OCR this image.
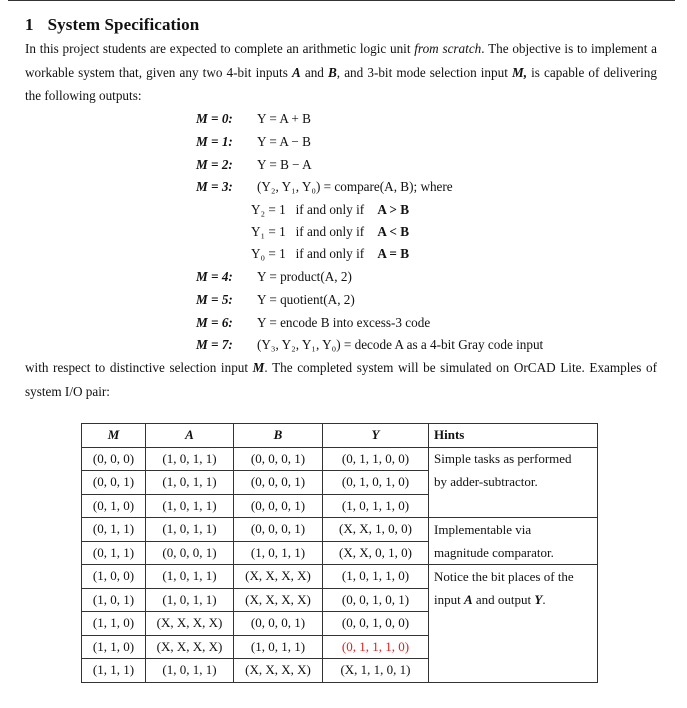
1 System Specification
In this project students are expected to complete an arithmetic logic unit from scratch. The objective is to implement a workable system that, given any two 4-bit inputs A and B, and 3-bit mode selection input M, is capable of delivering the following outputs:
M = 0: Y = A + B
M = 1: Y = A − B
M = 2: Y = B − A
M = 3: (Y₂, Y₁, Y₀) = compare(A, B); where
Y₂ = 1 if and only if A > B
Y₁ = 1 if and only if A < B
Y₀ = 1 if and only if A = B
M = 4: Y = product(A, 2)
M = 5: Y = quotient(A, 2)
M = 6: Y = encode B into excess-3 code
M = 7: (Y₃, Y₂, Y₁, Y₀) = decode A as a 4-bit Gray code input
with respect to distinctive selection input M. The completed system will be simulated on OrCAD Lite. Examples of system I/O pair:
M	A	B	Y	Hints
(0, 0, 0)	(1, 0, 1, 1)	(0, 0, 0, 1)	(0, 1, 1, 0, 0)	Simple tasks as performed
(0, 0, 1)	(1, 0, 1, 1)	(0, 0, 0, 1)	(0, 1, 0, 1, 0)	by adder-subtractor.
(0, 1, 0)	(1, 0, 1, 1)	(0, 0, 0, 1)	(1, 0, 1, 1, 0)	
(0, 1, 1)	(1, 0, 1, 1)	(0, 0, 0, 1)	(X, X, 1, 0, 0)	Implementable via
(0, 1, 1)	(0, 0, 0, 1)	(1, 0, 1, 1)	(X, X, 0, 1, 0)	magnitude comparator.
(1, 0, 0)	(1, 0, 1, 1)	(X, X, X, X)	(1, 0, 1, 1, 0)	Notice the bit places of the
(1, 0, 1)	(1, 0, 1, 1)	(X, X, X, X)	(0, 0, 1, 0, 1)	input A and output Y.
(1, 1, 0)	(X, X, X, X)	(0, 0, 0, 1)	(0, 0, 1, 0, 0)	
(1, 1, 0)	(X, X, X, X)	(1, 0, 1, 1)	(0, 1, 1, 1, 0)	
(1, 1, 1)	(1, 0, 1, 1)	(X, X, X, X)	(X, 1, 1, 0, 1)	
